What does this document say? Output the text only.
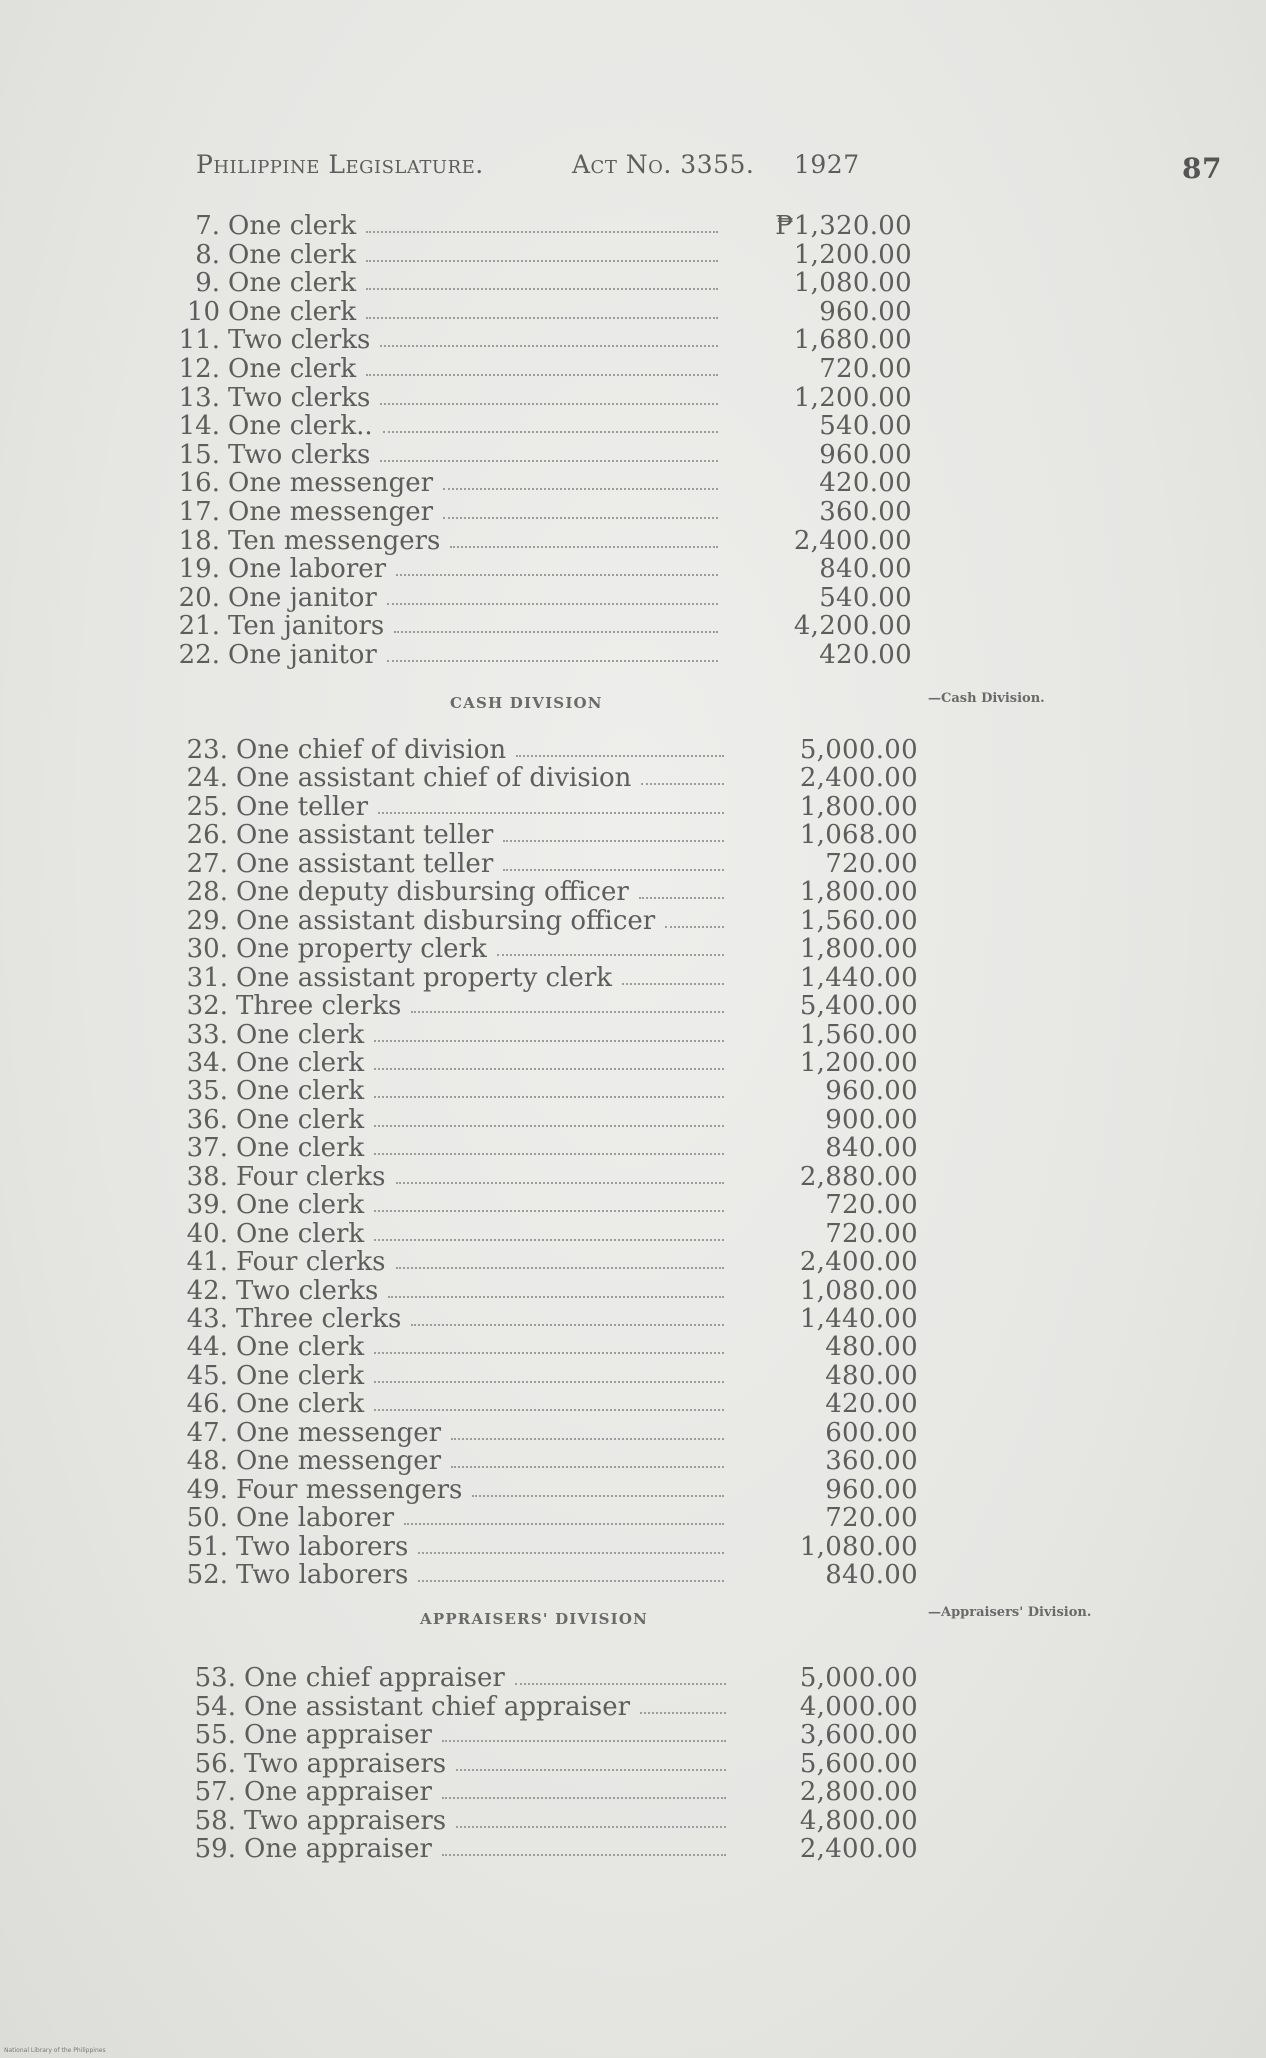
Philippine Legislature.	Act No. 3355. 1927	87
7. One clerk	₱1,320.00
8. One clerk	1,200.00
9. One clerk	1,080.00
10 One clerk	960.00
11. Two clerks	1,680.00
12. One clerk	720.00
13. Two clerks	1,200.00
14. One clerk..	540.00
15. Two clerks	960.00
16. One messenger	420.00
17. One messenger	360.00
18. Ten messengers	2,400.00
19. One laborer	840.00
20. One janitor	540.00
21. Ten janitors	4,200.00
22. One janitor	420.00
CASH DIVISION	—Cash Division.
23. One chief of division	5,000.00
24. One assistant chief of division	2,400.00
25. One teller	1,800.00
26. One assistant teller	1,068.00
27. One assistant teller	720.00
28. One deputy disbursing officer	1,800.00
29. One assistant disbursing officer	1,560.00
30. One property clerk	1,800.00
31. One assistant property clerk	1,440.00
32. Three clerks	5,400.00
33. One clerk	1,560.00
34. One clerk	1,200.00
35. One clerk	960.00
36. One clerk	900.00
37. One clerk	840.00
38. Four clerks	2,880.00
39. One clerk	720.00
40. One clerk	720.00
41. Four clerks	2,400.00
42. Two clerks	1,080.00
43. Three clerks	1,440.00
44. One clerk	480.00
45. One clerk	480.00
46. One clerk	420.00
47. One messenger	600.00
48. One messenger	360.00
49. Four messengers	960.00
50. One laborer	720.00
51. Two laborers	1,080.00
52. Two laborers	840.00
APPRAISERS' DIVISION	—Appraisers' Division.
53. One chief appraiser	5,000.00
54. One assistant chief appraiser	4,000.00
55. One appraiser	3,600.00
56. Two appraisers	5,600.00
57. One appraiser	2,800.00
58. Two appraisers	4,800.00
59. One appraiser	2,400.00
National Library of the Philippines
